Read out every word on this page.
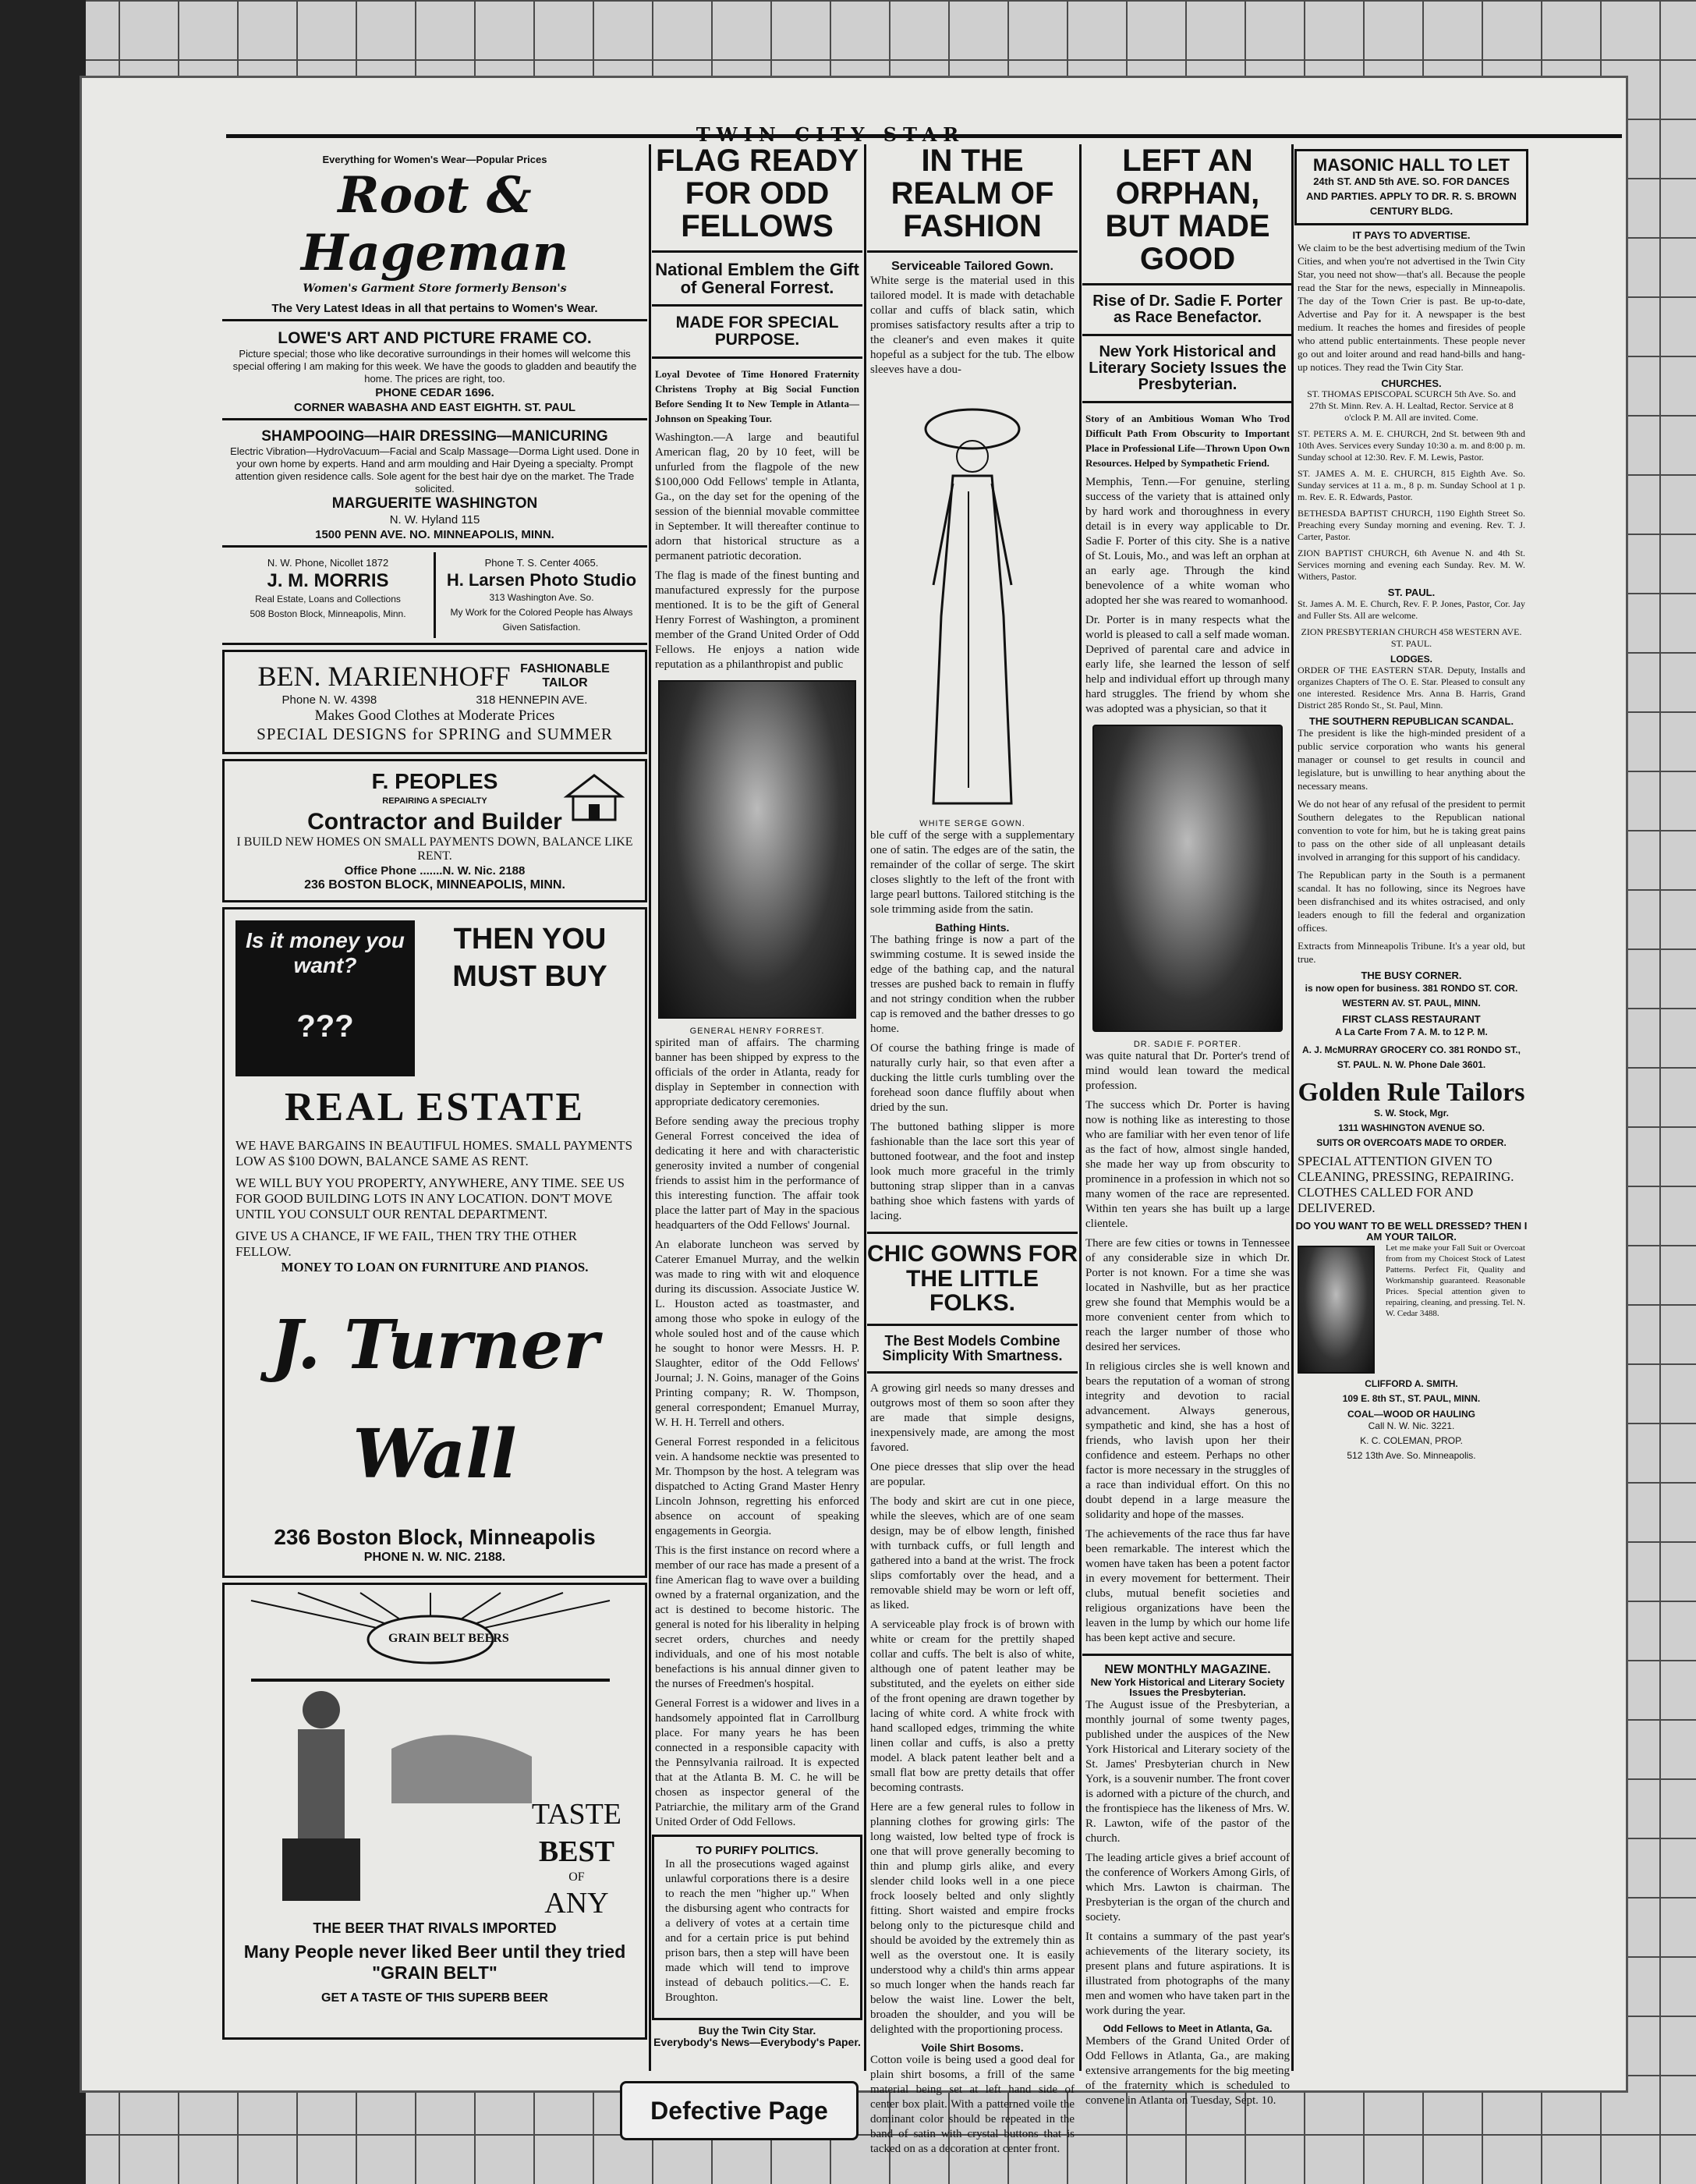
Everything for Women's Wear—Popular Prices
Root & Hageman
Women's Garment Store formerly Benson's
The Very Latest Ideas in all that pertains to Women's Wear.
LOWE'S ART AND PICTURE FRAME CO.
Picture special; those who like decorative surroundings in their homes will welcome this special offering I am making for this week. We have the goods to gladden and beautify the home. The prices are right, too.
PHONE CEDAR 1696.
CORNER WABASHA AND EAST EIGHTH. ST. PAUL
SHAMPOOING—HAIR DRESSING—MANICURING
Electric Vibration—HydroVacuum—Facial and Scalp Massage—Dorma Light used. Done in your own home by experts. Hand and arm moulding and Hair Dyeing a specialty. Prompt attention given residence calls. Sole agent for the best hair dye on the market. The Trade solicited.
MARGUERITE WASHINGTON
N. W. Hyland 115
1500 PENN AVE. NO. MINNEAPOLIS, MINN.
N. W. Phone, Nicollet 1872
J. M. MORRIS
Real Estate, Loans and Collections
508 Boston Block, Minneapolis, Minn.
Phone T. S. Center 4065.
H. Larsen Photo Studio
313 Washington Ave. So.
My Work for the Colored People has Always Given Satisfaction.
BEN. MARIENHOFF FASHIONABLE TAILOR
Phone N. W. 4398	318 HENNEPIN AVE.
Makes Good Clothes at Moderate Prices
SPECIAL DESIGNS for SPRING and SUMMER
F. PEOPLES
REPAIRING A SPECIALTY
Contractor and Builder
I BUILD NEW HOMES ON SMALL PAYMENTS DOWN, BALANCE LIKE RENT.
Office Phone .......N. W. Nic. 2188
236 BOSTON BLOCK, MINNEAPOLIS, MINN.
Is it money you want?
???
THEN YOU MUST BUY
REAL ESTATE
WE HAVE BARGAINS IN BEAUTIFUL HOMES. SMALL PAYMENTS LOW AS $100 DOWN, BALANCE SAME AS RENT.
WE WILL BUY YOU PROPERTY, ANYWHERE, ANY TIME. SEE US FOR GOOD BUILDING LOTS IN ANY LOCATION. DON'T MOVE UNTIL YOU CONSULT OUR RENTAL DEPARTMENT.
GIVE US A CHANCE, IF WE FAIL, THEN TRY THE OTHER FELLOW.
MONEY TO LOAN ON FURNITURE AND PIANOS.
J. Turner Wall
236 Boston Block, Minneapolis
PHONE N. W. NIC. 2188.
GRAIN BELT BEERS
TASTE
BEST
OF
ANY
THE BEER THAT RIVALS IMPORTED
Many People never liked Beer until they tried "GRAIN BELT"
GET A TASTE OF THIS SUPERB BEER
FLAG READY FOR ODD FELLOWS
National Emblem the Gift of General Forrest.
MADE FOR SPECIAL PURPOSE.
Loyal Devotee of Time Honored Fraternity Christens Trophy at Big Social Function Before Sending It to New Temple in Atlanta—Johnson on Speaking Tour.

Washington.—A large and beautiful American flag, 20 by 10 feet, will be unfurled from the flagpole of the new $100,000 Odd Fellows' temple in Atlanta, Ga., on the day set for the opening of the session of the biennial movable committee in September. It will thereafter continue to adorn that historical structure as a permanent patriotic decoration.

The flag is made of the finest bunting and manufactured expressly for the purpose mentioned. It is to be the gift of General Henry Forrest of Washington, a prominent member of the Grand United Order of Odd Fellows. He enjoys a nation wide reputation as a philanthropist and public

GENERAL HENRY FORREST.

spirited man of affairs. The charming banner has been shipped by express to the officials of the order in Atlanta, ready for display in September in connection with appropriate dedicatory ceremonies.

Before sending away the precious trophy General Forrest conceived the idea of dedicating it here and with characteristic generosity invited a number of congenial friends to assist him in the performance of this interesting function. The affair took place the latter part of May in the spacious headquarters of the Odd Fellows' Journal.

An elaborate luncheon was served by Caterer Emanuel Murray, and the welkin was made to ring with wit and eloquence during its discussion. Associate Justice W. L. Houston acted as toastmaster, and among those who spoke in eulogy of the whole souled host and of the cause which he sought to honor were Messrs. H. P. Slaughter, editor of the Odd Fellows' Journal; J. N. Goins, manager of the Goins Printing company; R. W. Thompson, general correspondent; Emanuel Murray, W. H. H. Terrell and others.

General Forrest responded in a felicitous vein. A handsome necktie was presented to Mr. Thompson by the host. A telegram was dispatched to Acting Grand Master Henry Lincoln Johnson, regretting his enforced absence on account of speaking engagements in Georgia.

This is the first instance on record where a member of our race has made a present of a fine American flag to wave over a building owned by a fraternal organization, and the act is destined to become historic. The general is noted for his liberality in helping secret orders, churches and needy individuals, and one of his most notable benefactions is his annual dinner given to the nurses of Freedmen's hospital.

General Forrest is a widower and lives in a handsomely appointed flat in Carrollburg place. For many years he has been connected in a responsible capacity with the Pennsylvania railroad. It is expected that at the Atlanta B. M. C. he will be chosen as inspector general of the Patriarchie, the military arm of the Grand United Order of Odd Fellows.

TO PURIFY POLITICS.
In all the prosecutions waged against unlawful corporations there is a desire to reach the men "higher up." When the disbursing agent who contracts for a delivery of votes at a certain time and for a certain price is put behind prison bars, then a step will have been made which will tend to improve instead of debauch politics.—C. E. Broughton.
Buy the Twin City Star.
Everybody's News—Everybody's Paper.
IN THE REALM OF FASHION
Serviceable Tailored Gown.

White serge is the material used in this tailored model. It is made with detachable collar and cuffs of black satin, which promises satisfactory results after a trip to the cleaner's and even makes it quite hopeful as a subject for the tub. The elbow sleeves have a dou-

WHITE SERGE GOWN.

ble cuff of the serge with a supplementary one of satin. The edges are of the satin, the remainder of the collar of serge. The skirt closes slightly to the left of the front with large pearl buttons. Tailored stitching is the sole trimming aside from the satin.

Bathing Hints.

The bathing fringe is now a part of the swimming costume. It is sewed inside the edge of the bathing cap, and the natural tresses are pushed back to remain in fluffy and not stringy condition when the rubber cap is removed and the bather dresses to go home.

Of course the bathing fringe is made of naturally curly hair, so that even after a ducking the little curls tumbling over the forehead soon dance fluffily about when dried by the sun.

The buttoned bathing slipper is more fashionable than the lace sort this year of buttoned footwear, and the foot and instep look much more graceful in the trimly buttoning strap slipper than in a canvas bathing shoe which fastens with yards of lacing.

CHIC GOWNS FOR THE LITTLE FOLKS.
The Best Models Combine Simplicity With Smartness.

A growing girl needs so many dresses and outgrows most of them so soon after they are made that simple designs, inexpensively made, are among the most favored.

One piece dresses that slip over the head are popular.

The body and skirt are cut in one piece, while the sleeves, which are of one seam design, may be of elbow length, finished with turnback cuffs, or full length and gathered into a band at the wrist. The frock slips comfortably over the head, and a removable shield may be worn or left off, as liked.

A serviceable play frock is of brown with white or cream for the prettily shaped collar and cuffs. The belt is also of white, although one of patent leather may be substituted, and the eyelets on either side of the front opening are drawn together by lacing of white cord. A white frock with hand scalloped edges, trimming the white linen collar and cuffs, is also a pretty model. A black patent leather belt and a small flat bow are pretty details that offer becoming contrasts.

Here are a few general rules to follow in planning clothes for growing girls: The long waisted, low belted type of frock is one that will prove generally becoming to thin and plump girls alike, and every slender child looks well in a one piece frock loosely belted and only slightly fitting. Short waisted and empire frocks belong only to the picturesque child and should be avoided by the extremely thin as well as the overstout one. It is easily understood why a child's thin arms appear so much longer when the hands reach far below the waist line. Lower the belt, broaden the shoulder, and you will be delighted with the proportioning process.

Voile Shirt Bosoms.

Cotton voile is being used a good deal for plain shirt bosoms, a frill of the same material being set at left hand side of center box plait. With a patterned voile the dominant color should be repeated in the band of satin with crystal buttons that is tacked on as a decoration at center front.

LEFT AN ORPHAN, BUT MADE GOOD
Rise of Dr. Sadie F. Porter as Race Benefactor.
New York Historical and Literary Society Issues the Presbyterian.
Story of an Ambitious Woman Who Trod Difficult Path From Obscurity to Important Place in Professional Life—Thrown Upon Own Resources. Helped by Sympathetic Friend.

Memphis, Tenn.—For genuine, sterling success of the variety that is attained only by hard work and thoroughness in every detail is in every way applicable to Dr. Sadie F. Porter of this city. She is a native of St. Louis, Mo., and was left an orphan at an early age. Through the kind benevolence of a white woman who adopted her she was reared to womanhood.

Dr. Porter is in many respects what the world is pleased to call a self made woman. Deprived of parental care and advice in early life, she learned the lesson of self help and individual effort up through many hard struggles. The friend by whom she was adopted was a physician, so that it

DR. SADIE F. PORTER.

was quite natural that Dr. Porter's trend of mind would lean toward the medical profession.

The success which Dr. Porter is having now is nothing like as interesting to those who are familiar with her even tenor of life as the fact of how, almost single handed, she made her way up from obscurity to prominence in a profession in which not so many women of the race are represented. Within ten years she has built up a large clientele.

There are few cities or towns in Tennessee of any considerable size in which Dr. Porter is not known. For a time she was located in Nashville, but as her practice grew she found that Memphis would be a more convenient center from which to reach the larger number of those who desired her services.

In religious circles she is well known and bears the reputation of a woman of strong integrity and devotion to racial advancement. Always generous, sympathetic and kind, she has a host of friends, who lavish upon her their confidence and esteem. Perhaps no other factor is more necessary in the struggles of a race than individual effort. On this no doubt depend in a large measure the solidarity and hope of the masses.

The achievements of the race thus far have been remarkable. The interest which the women have taken has been a potent factor in every movement for betterment. Their clubs, mutual benefit societies and religious organizations have been the leaven in the lump by which our home life has been kept active and secure.

NEW MONTHLY MAGAZINE.
New York Historical and Literary Society Issues the Presbyterian.

The August issue of the Presbyterian, a monthly journal of some twenty pages, published under the auspices of the New York Historical and Literary society of the St. James' Presbyterian church in New York, is a souvenir number. The front cover is adorned with a picture of the church, and the frontispiece has the likeness of Mrs. W. R. Lawton, wife of the pastor of the church.

The leading article gives a brief account of the conference of Workers Among Girls, of which Mrs. Lawton is chairman. The Presbyterian is the organ of the church and society.

It contains a summary of the past year's achievements of the literary society, its present plans and future aspirations. It is illustrated from photographs of the many men and women who have taken part in the work during the year.

Odd Fellows to Meet in Atlanta, Ga.

Members of the Grand United Order of Odd Fellows in Atlanta, Ga., are making extensive arrangements for the big meeting of the fraternity which is scheduled to convene in Atlanta on Tuesday, Sept. 10.

MASONIC HALL TO LET
24th ST. AND 5th AVE. SO. FOR DANCES AND PARTIES. APPLY TO DR. R. S. BROWN CENTURY BLDG.
IT PAYS TO ADVERTISE.

We claim to be the best advertising medium of the Twin Cities, and when you're not advertised in the Twin City Star, you need not show—that's all. Because the people read the Star for the news, especially in Minneapolis. The day of the Town Crier is past. Be up-to-date, Advertise and Pay for it. A newspaper is the best medium. It reaches the homes and firesides of people who attend public entertainments. These people never go out and loiter around and read hand-bills and hang-up notices. They read the Twin City Star.

CHURCHES.

ST. THOMAS EPISCOPAL SCURCH 5th Ave. So. and 27th St. Minn. Rev. A. H. Lealtad, Rector. Service at 8 o'clock P. M. All are invited. Come.

ST. PETERS A. M. E. CHURCH, 2nd St. between 9th and 10th Aves. Services every Sunday 10:30 a. m. and 8:00 p. m. Sunday school at 12:30. Rev. F. M. Lewis, Pastor.

ST. JAMES A. M. E. CHURCH, 815 Eighth Ave. So. Sunday services at 11 a. m., 8 p. m. Sunday School at 1 p. m. Rev. E. R. Edwards, Pastor.

BETHESDA BAPTIST CHURCH, 1190 Eighth Street So. Preaching every Sunday morning and evening. Rev. T. J. Carter, Pastor.

ZION BAPTIST CHURCH, 6th Avenue N. and 4th St. Services morning and evening each Sunday. Rev. M. W. Withers, Pastor.

ST. PAUL.

St. James A. M. E. Church, Rev. F. P. Jones, Pastor, Cor. Jay and Fuller Sts. All are welcome.

ZION PRESBYTERIAN CHURCH 458 WESTERN AVE. ST. PAUL.

LODGES.

ORDER OF THE EASTERN STAR. Deputy, Installs and organizes Chapters of The O. E. Star. Pleased to consult any one interested. Residence Mrs. Anna B. Harris, Grand District 285 Rondo St., St. Paul, Minn.

THE SOUTHERN REPUBLICAN SCANDAL.

The president is like the high-minded president of a public service corporation who wants his general manager or counsel to get results in council and legislature, but is unwilling to hear anything about the necessary means.

We do not hear of any refusal of the president to permit Southern delegates to the Republican national convention to vote for him, but he is taking great pains to pass on the other side of all unpleasant details involved in arranging for this support of his candidacy.

The Republican party in the South is a permanent scandal. It has no following, since its Negroes have been disfranchised and its whites ostracised, and only leaders enough to fill the federal and organization offices.

Extracts from Minneapolis Tribune. It's a year old, but true.

THE BUSY CORNER.
is now open for business. 381 RONDO ST. COR. WESTERN AV. ST. PAUL, MINN.
FIRST CLASS RESTAURANT
A La Carte From 7 A. M. to 12 P. M.
A. J. McMURRAY GROCERY CO. 381 RONDO ST., ST. PAUL. N. W. Phone Dale 3601.
Golden Rule Tailors
S. W. Stock, Mgr.
1311 WASHINGTON AVENUE SO.
SUITS OR OVERCOATS MADE TO ORDER.
SPECIAL ATTENTION GIVEN TO CLEANING, PRESSING, REPAIRING. CLOTHES CALLED FOR AND DELIVERED.
DO YOU WANT TO BE WELL DRESSED? THEN I AM YOUR TAILOR.
Let me make your Fall Suit or Overcoat from from my Choicest Stock of Latest Patterns. Perfect Fit, Quality and Workmanship guaranteed. Reasonable Prices. Special attention given to repairing, cleaning, and pressing. Tel. N. W. Cedar 3488.
CLIFFORD A. SMITH.
109 E. 8th ST., ST. PAUL, MINN.
COAL—WOOD OR HAULING
Call N. W. Nic. 3221.
K. C. COLEMAN, PROP.
512 13th Ave. So. Minneapolis.
Defective Page
